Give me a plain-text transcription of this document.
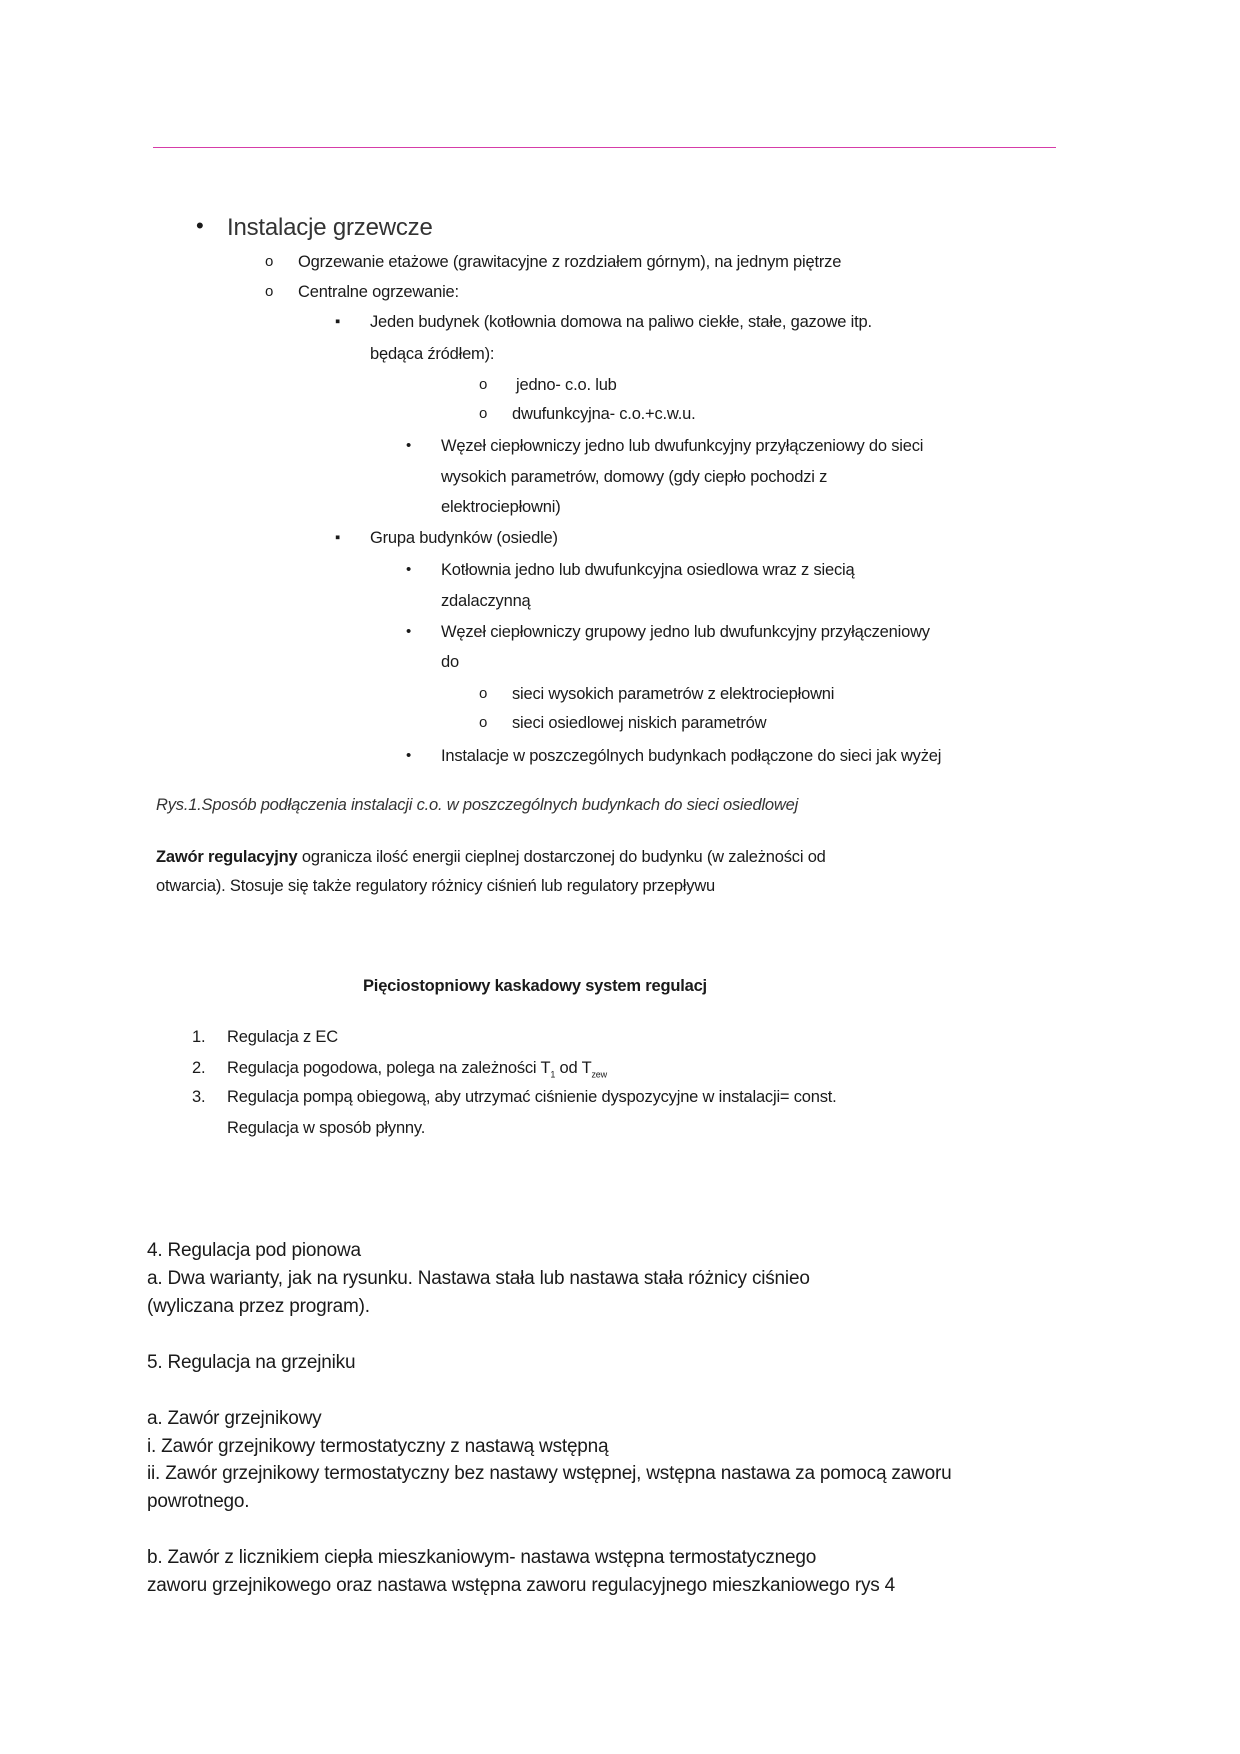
• Instalacje grzewcze
o Ogrzewanie etażowe (grawitacyjne z rozdziałem górnym), na jednym piętrze
o Centralne ogrzewanie:
▪ Jeden budynek (kotłownia domowa na paliwo ciekłe, stałe, gazowe itp.
będąca źródłem):
o jedno- c.o. lub
o dwufunkcyjna- c.o.+c.w.u.
• Węzeł ciepłowniczy jedno lub dwufunkcyjny przyłączeniowy do sieci
wysokich parametrów, domowy (gdy ciepło pochodzi z
elektrociepłowni)
▪ Grupa budynków (osiedle)
• Kotłownia jedno lub dwufunkcyjna osiedlowa wraz z siecią
zdalaczynną
• Węzeł ciepłowniczy grupowy jedno lub dwufunkcyjny przyłączeniowy
do
o sieci wysokich parametrów z elektrociepłowni
o sieci osiedlowej niskich parametrów
• Instalacje w poszczególnych budynkach podłączone do sieci jak wyżej
Rys.1.Sposób podłączenia instalacji c.o. w poszczególnych budynkach do sieci osiedlowej
Zawór regulacyjny ogranicza ilość energii cieplnej dostarczonej do budynku (w zależności od
otwarcia). Stosuje się także regulatory różnicy ciśnień lub regulatory przepływu
Pięciostopniowy kaskadowy system regulacj
1. Regulacja z EC
2. Regulacja pogodowa, polega na zależności $T_1$ od $T_{zew}$
3. Regulacja pompą obiegową, aby utrzymać ciśnienie dyspozycyjne w instalacji= const.
Regulacja w sposób płynny.
4. Regulacja pod pionowa
a. Dwa warianty, jak na rysunku. Nastawa stała lub nastawa stała różnicy ciśnieo
(wyliczana przez program).
5. Regulacja na grzejniku
a. Zawór grzejnikowy
i. Zawór grzejnikowy termostatyczny z nastawą wstępną
ii. Zawór grzejnikowy termostatyczny bez nastawy wstępnej, wstępna nastawa za pomocą zaworu
powrotnego.
b. Zawór z licznikiem ciepła mieszkaniowym- nastawa wstępna termostatycznego
zaworu grzejnikowego oraz nastawa wstępna zaworu regulacyjnego mieszkaniowego rys 4
